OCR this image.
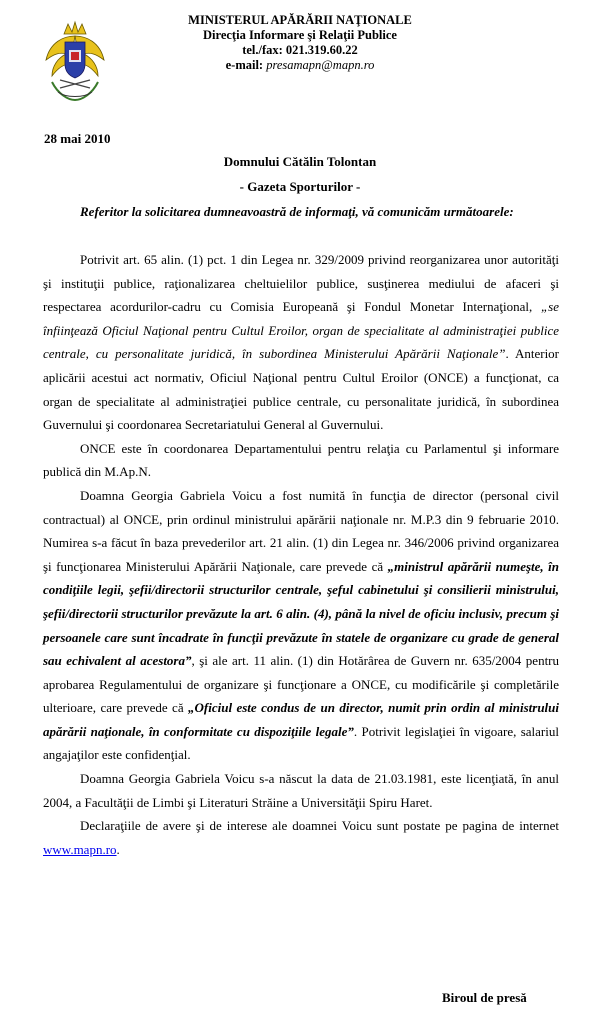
MINISTERUL APĂRĂRII NAŢIONALE
Direcţia Informare şi Relaţii Publice
tel./fax: 021.319.60.22
e-mail: presamapn@mapn.ro
28 mai 2010
Domnului Cătălin Tolontan
- Gazeta Sporturilor -

Referitor la solicitarea dumneavoastră de informaţi, vă comunicăm următoarele:

Potrivit art. 65 alin. (1) pct. 1 din Legea nr. 329/2009 privind reorganizarea unor autorităţi şi instituţii publice, raţionalizarea cheltuielilor publice, susţinerea mediului de afaceri şi respectarea acordurilor-cadru cu Comisia Europeană şi Fondul Monetar Internaţional, „se înfiinţează Oficiul Naţional pentru Cultul Eroilor, organ de specialitate al administraţiei publice centrale, cu personalitate juridică, în subordinea Ministerului Apărării Naţionale”. Anterior aplicării acestui act normativ, Oficiul Naţional pentru Cultul Eroilor (ONCE) a funcţionat, ca organ de specialitate al administraţiei publice centrale, cu personalitate juridică, în subordinea Guvernului şi coordonarea Secretariatului General al Guvernului.

ONCE este în coordonarea Departamentului pentru relaţia cu Parlamentul şi informare publică din M.Ap.N.

Doamna Georgia Gabriela Voicu a fost numită în funcţia de director (personal civil contractual) al ONCE, prin ordinul ministrului apărării naţionale nr. M.P.3 din 9 februarie 2010. Numirea s-a făcut în baza prevederilor art. 21 alin. (1) din Legea nr. 346/2006 privind organizarea şi funcţionarea Ministerului Apărării Naţionale, care prevede că „ministrul apărării numeşte, în condiţiile legii, şefii/directorii structurilor centrale, şeful cabinetului şi consilierii ministrului, şefii/directorii structurilor prevăzute la art. 6 alin. (4), până la nivel de oficiu inclusiv, precum şi persoanele care sunt încadrate în funcţii prevăzute în statele de organizare cu grade de general sau echivalent al acestora”, şi ale art. 11 alin. (1) din Hotărârea de Guvern nr. 635/2004 pentru aprobarea Regulamentului de organizare şi funcţionare a ONCE, cu modificările şi completările ulterioare, care prevede că „Oficiul este condus de un director, numit prin ordin al ministrului apărării naţionale, în conformitate cu dispoziţiile legale”. Potrivit legislaţiei în vigoare, salariul angajaţilor este confidenţial.

Doamna Georgia Gabriela Voicu s-a născut la data de 21.03.1981, este licenţiată, în anul 2004, a Facultăţii de Limbi şi Literaturi Străine a Universităţii Spiru Haret.

Declaraţiile de avere şi de interese ale doamnei Voicu sunt postate pe pagina de internet www.mapn.ro.

Biroul de presă
